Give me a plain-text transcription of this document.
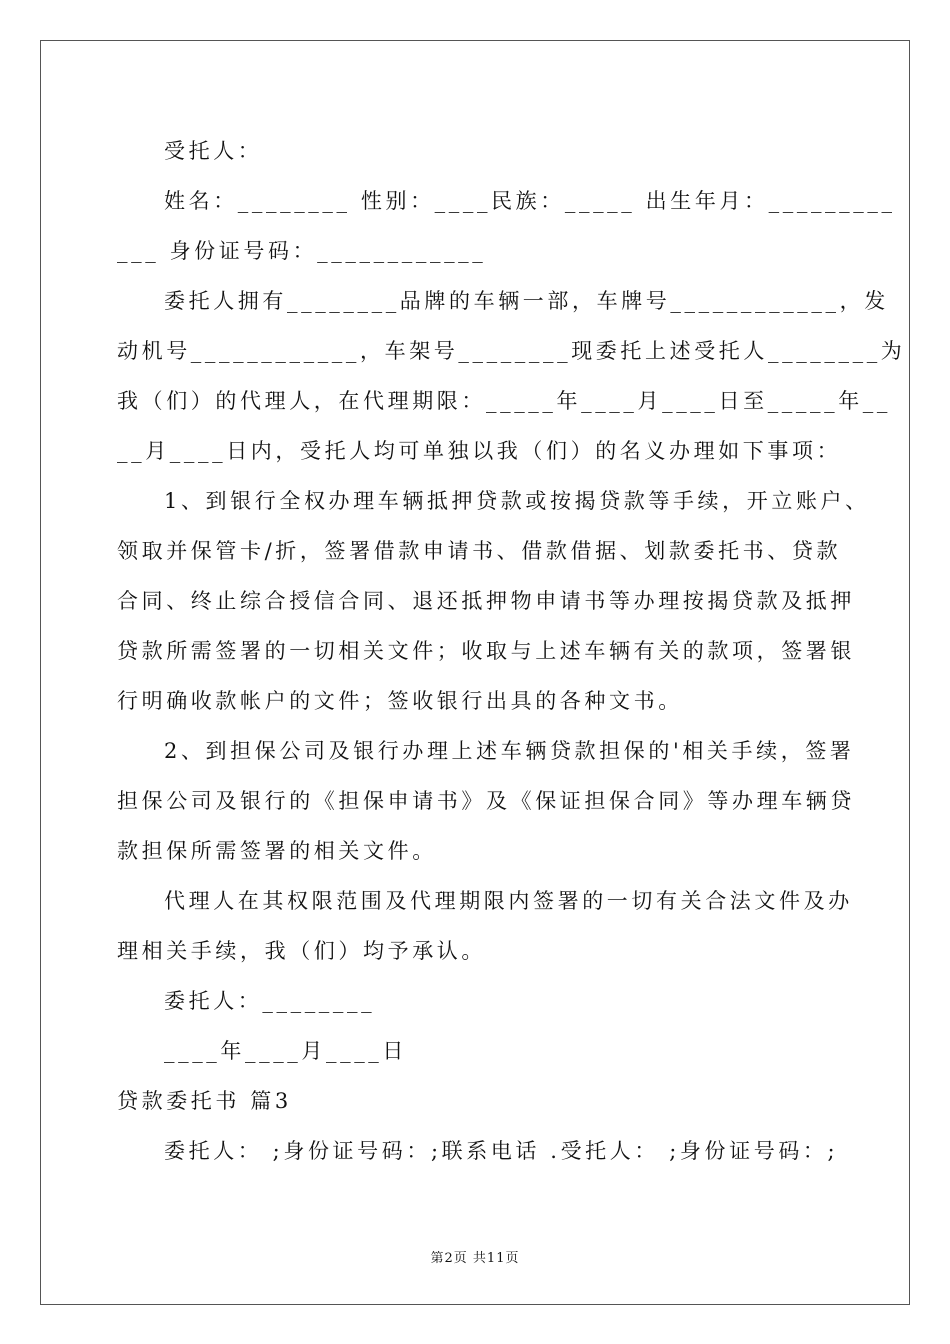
受托人：
姓名：________ 性别：____民族：_____ 出生年月：_________
___ 身份证号码：____________
委托人拥有________品牌的车辆一部，车牌号____________，发
动机号____________，车架号________现委托上述受托人________为
我（们）的代理人，在代理期限：_____年____月____日至_____年__
__月____日内，受托人均可单独以我（们）的名义办理如下事项：
1、到银行全权办理车辆抵押贷款或按揭贷款等手续，开立账户、
领取并保管卡/折，签署借款申请书、借款借据、划款委托书、贷款
合同、终止综合授信合同、退还抵押物申请书等办理按揭贷款及抵押
贷款所需签署的一切相关文件；收取与上述车辆有关的款项，签署银
行明确收款帐户的文件；签收银行出具的各种文书。
2、到担保公司及银行办理上述车辆贷款担保的'相关手续，签署
担保公司及银行的《担保申请书》及《保证担保合同》等办理车辆贷
款担保所需签署的相关文件。
代理人在其权限范围及代理期限内签署的一切有关合法文件及办
理相关手续，我（们）均予承认。
委托人：________
____年____月____日
贷款委托书 篇3
委托人： ;身份证号码：;联系电话 .受托人： ;身份证号码：;
第2页 共11页
